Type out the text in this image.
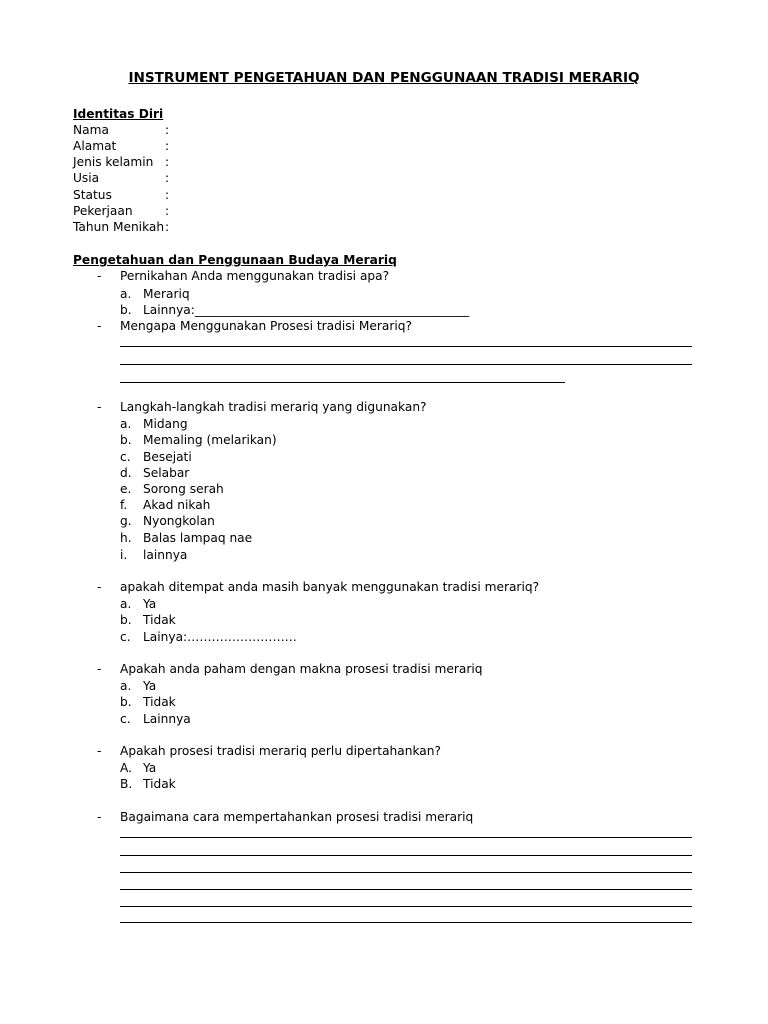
INSTRUMENT PENGETAHUAN DAN PENGGUNAAN TRADISI MERARIQ
Identitas Diri
Nama	:
Alamat	:
Jenis kelamin :
Usia	:
Status	:
Pekerjaan	:
Tahun Menikah :
Pengetahuan dan Penggunaan Budaya Merariq
- Pernikahan Anda menggunakan tradisi apa?
a. Merariq
b. Lainnya:_____________________________________________
- Mengapa Menggunakan Prosesi tradisi Merariq?
- Langkah-langkah tradisi merariq yang digunakan?
a. Midang
b. Memaling (melarikan)
c. Besejati
d. Selabar
e. Sorong serah
f. Akad nikah
g. Nyongkolan
h. Balas lampaq nae
i. lainnya
- apakah ditempat anda masih banyak menggunakan tradisi merariq?
a. Ya
b. Tidak
c. Lainya:………………………
- Apakah anda paham dengan makna prosesi tradisi merariq
a. Ya
b. Tidak
c. Lainnya
- Apakah prosesi tradisi merariq perlu dipertahankan?
A. Ya
B. Tidak
- Bagaimana cara mempertahankan prosesi tradisi merariq
